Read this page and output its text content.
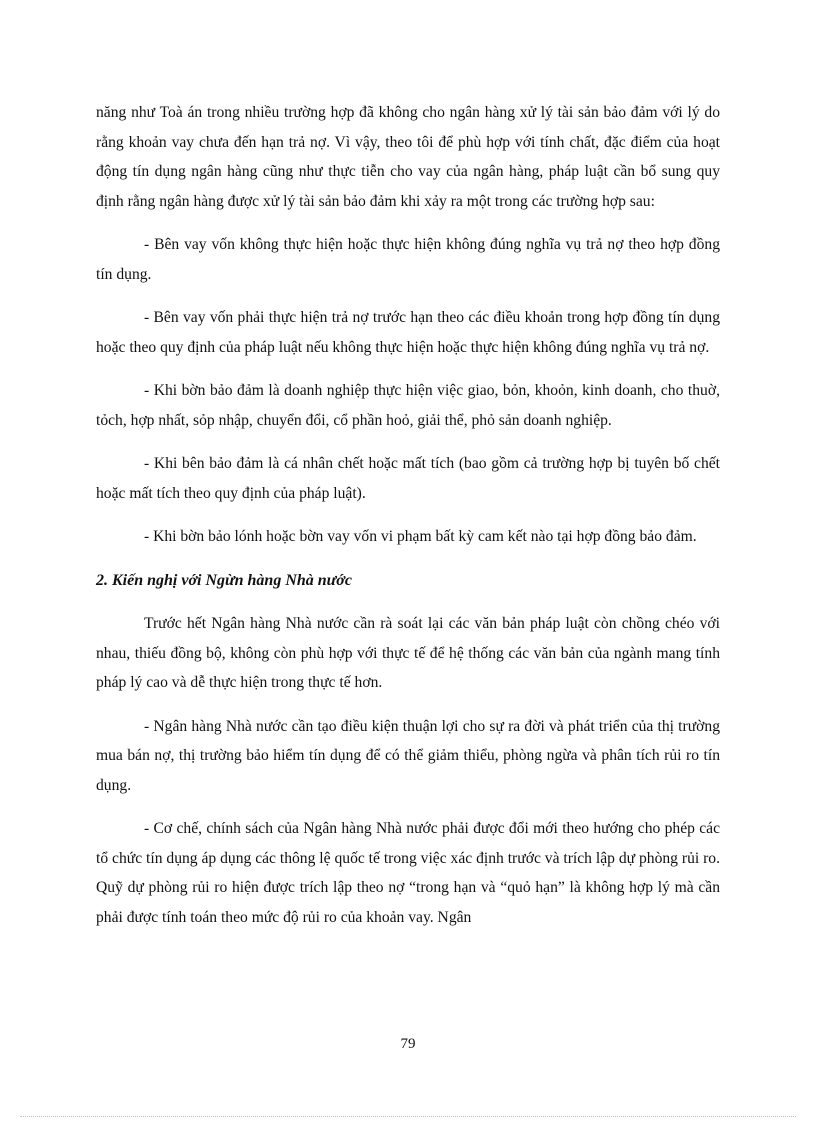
năng như Toà án trong nhiều trường hợp đã không cho ngân hàng xử lý tài sản bảo đảm với lý do rằng khoản vay chưa đến hạn trả nợ. Vì vậy, theo tôi để phù hợp với tính chất, đặc điểm của hoạt động tín dụng ngân hàng cũng như thực tiễn cho vay của ngân hàng, pháp luật cần bổ sung quy định rằng ngân hàng được xử lý tài sản bảo đảm khi xảy ra một trong các trường hợp sau:

- Bên vay vốn không thực hiện hoặc thực hiện không đúng nghĩa vụ trả nợ theo hợp đồng tín dụng.

- Bên vay vốn phải thực hiện trả nợ trước hạn theo các điều khoản trong hợp đồng tín dụng hoặc theo quy định của pháp luật nếu không thực hiện hoặc thực hiện không đúng nghĩa vụ trả nợ.

- Khi bờn bảo đảm là doanh nghiệp thực hiện việc giao, bỏn, khoỏn, kinh doanh, cho thuờ, tỏch, hợp nhất, sỏp nhập, chuyển đổi, cổ phần hoỏ, giải thể, phỏ sản doanh nghiệp.

- Khi bên bảo đảm là cá nhân chết hoặc mất tích (bao gồm cả trường hợp bị tuyên bố chết hoặc mất tích theo quy định của pháp luật).

- Khi bờn bảo lónh hoặc bờn vay vốn vi phạm bất kỳ cam kết nào tại hợp đồng bảo đảm.

2. Kiến nghị với Ngừn hàng Nhà nước

Trước hết Ngân hàng Nhà nước cần rà soát lại các văn bản pháp luật còn chồng chéo với nhau, thiếu đồng bộ, không còn phù hợp với thực tế để hệ thống các văn bản của ngành mang tính pháp lý cao và dễ thực hiện trong thực tế hơn.

- Ngân hàng Nhà nước cần tạo điều kiện thuận lợi cho sự ra đời và phát triển của thị trường mua bán nợ, thị trường bảo hiểm tín dụng để có thể giảm thiểu, phòng ngừa và phân tích rủi ro tín dụng.

- Cơ chế, chính sách của Ngân hàng Nhà nước phải được đổi mới theo hướng cho phép các tổ chức tín dụng áp dụng các thông lệ quốc tế trong việc xác định trước và trích lập dự phòng rủi ro. Quỹ dự phòng rủi ro hiện được trích lập theo nợ “trong hạn và “quỏ hạn” là không hợp lý mà cần phải được tính toán theo mức độ rủi ro của khoản vay. Ngân

79
